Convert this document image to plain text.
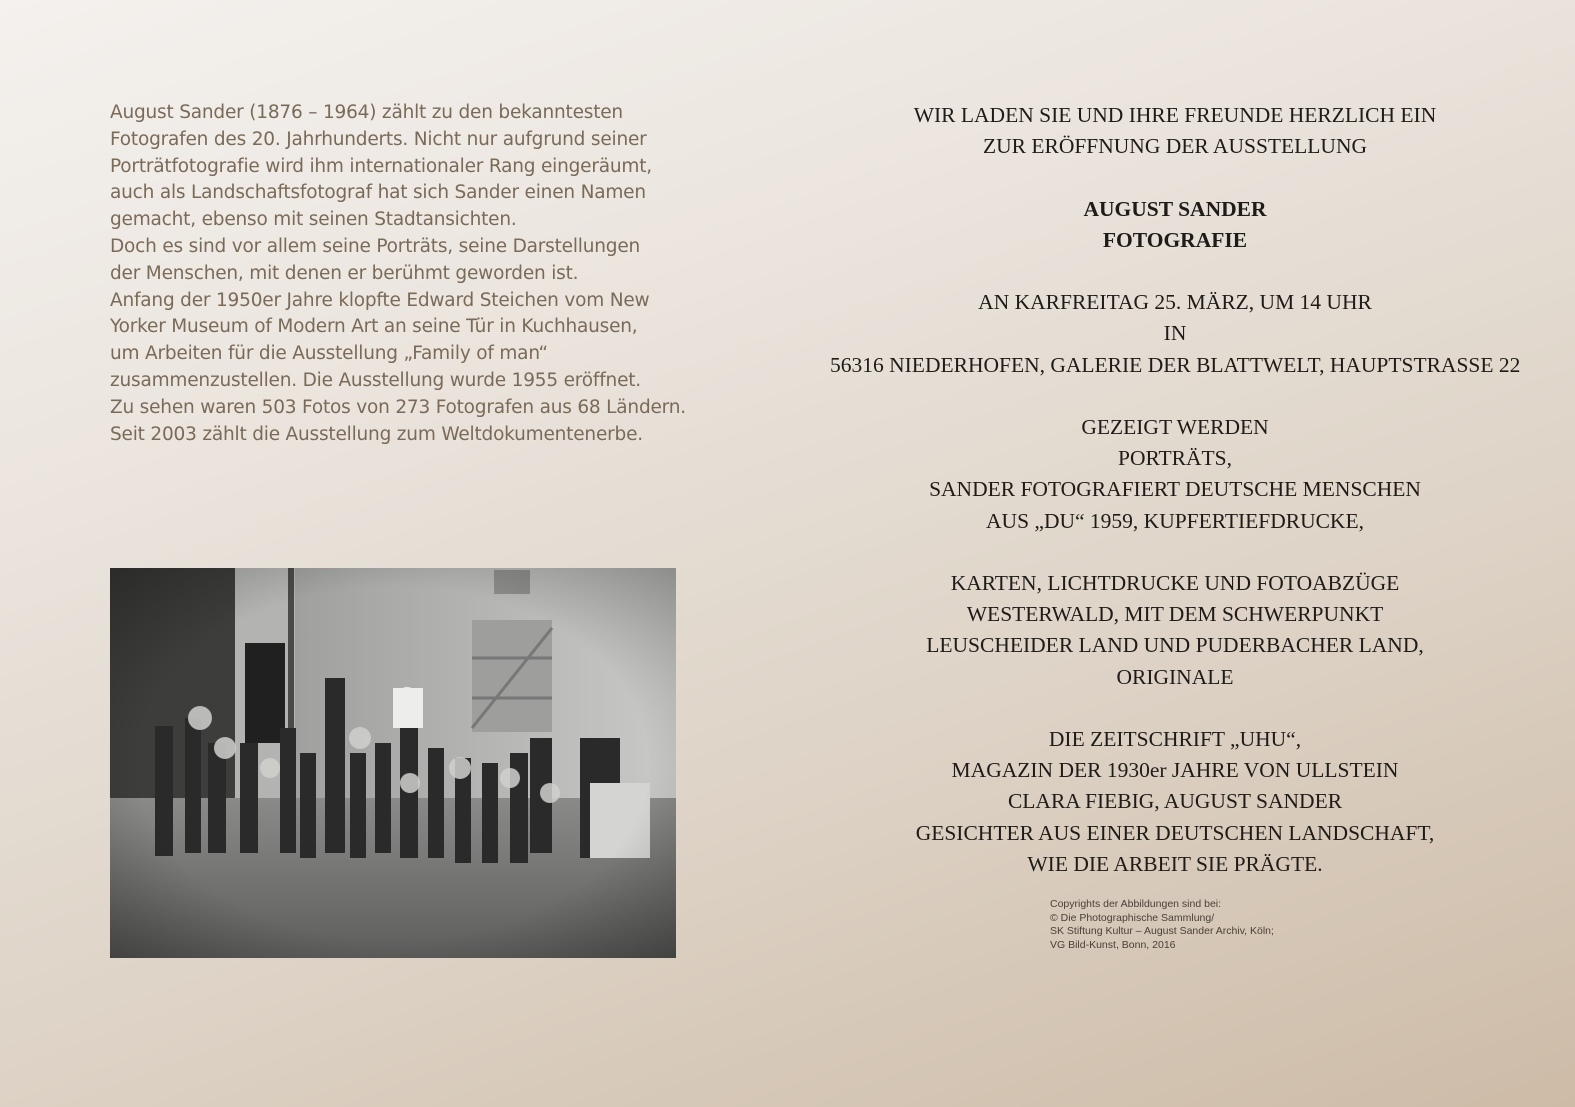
August Sander (1876 – 1964) zählt zu den bekanntesten
Fotografen des 20. Jahrhunderts. Nicht nur aufgrund seiner
Porträtfotografie wird ihm internationaler Rang eingeräumt,
auch als Landschaftsfotograf hat sich Sander einen Namen
gemacht, ebenso mit seinen Stadtansichten.
Doch es sind vor allem seine Porträts, seine Darstellungen
der Menschen, mit denen er berühmt geworden ist.
Anfang der 1950er Jahre klopfte Edward Steichen vom New
Yorker Museum of Modern Art an seine Tür in Kuchhausen,
um Arbeiten für die Ausstellung „Family of man“
zusammenzustellen. Die Ausstellung wurde 1955 eröffnet.
Zu sehen waren 503 Fotos von 273 Fotografen aus 68 Ländern.
Seit 2003 zählt die Ausstellung zum Weltdokumentenerbe.
WIR LADEN SIE UND IHRE FREUNDE HERZLICH EIN
ZUR ERÖFFNUNG DER AUSSTELLUNG
AUGUST SANDER
FOTOGRAFIE
AN KARFREITAG 25. MÄRZ, UM 14 UHR
IN
56316 NIEDERHOFEN, GALERIE DER BLATTWELT, HAUPTSTRASSE 22
GEZEIGT WERDEN
PORTRÄTS,
SANDER FOTOGRAFIERT DEUTSCHE MENSCHEN
AUS „DU“ 1959, KUPFERTIEFDRUCKE,
KARTEN, LICHTDRUCKE UND FOTOABZÜGE
WESTERWALD, MIT DEM SCHWERPUNKT
LEUSCHEIDER LAND UND PUDERBACHER LAND,
ORIGINALE
DIE ZEITSCHRIFT „UHU“,
MAGAZIN DER 1930er JAHRE VON ULLSTEIN
CLARA FIEBIG, AUGUST SANDER
GESICHTER AUS EINER DEUTSCHEN LANDSCHAFT,
WIE DIE ARBEIT SIE PRÄGTE.
Copyrights der Abbildungen sind bei:
© Die Photographische Sammlung/
SK Stiftung Kultur – August Sander Archiv, Köln;
VG Bild-Kunst, Bonn, 2016
